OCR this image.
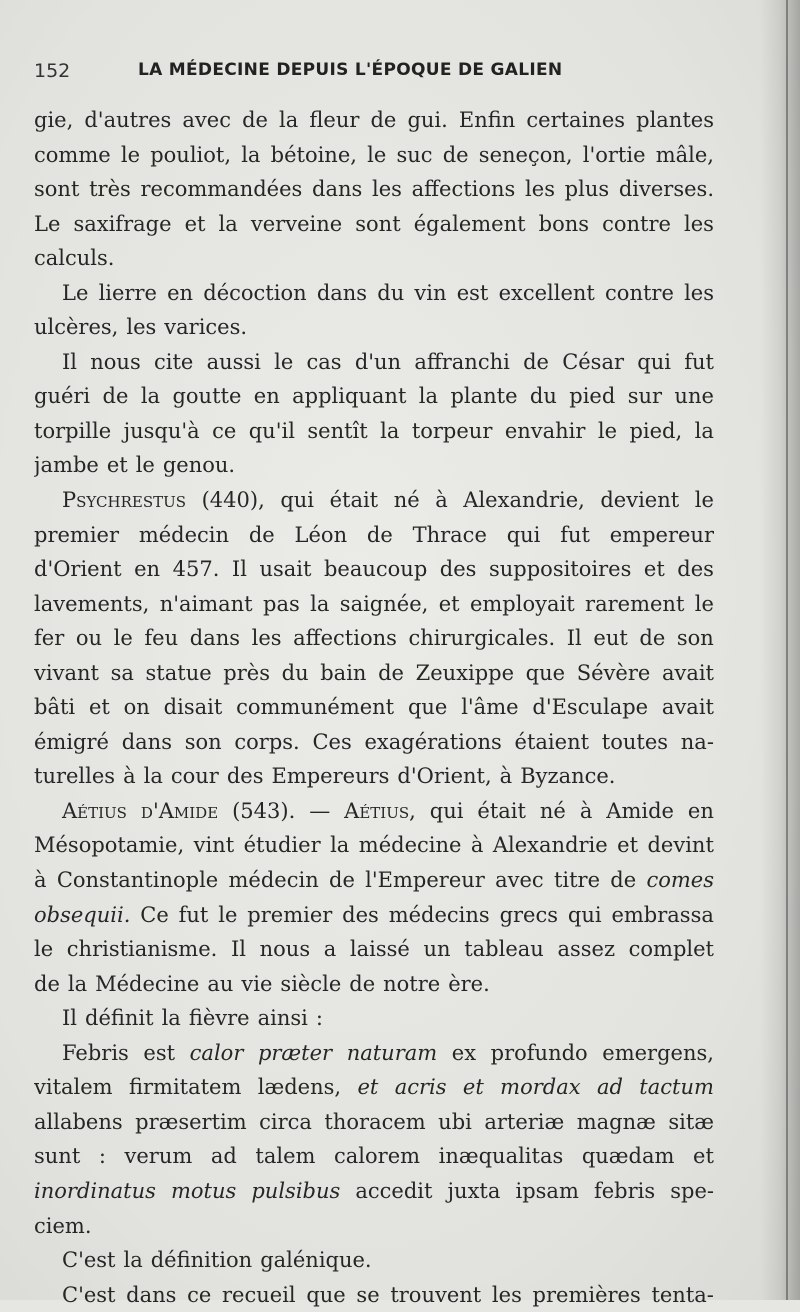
152	LA MÉDECINE DEPUIS L'ÉPOQUE DE GALIEN
gie, d'autres avec de la fleur de gui. Enfin certaines plantes
comme le pouliot, la bétoine, le suc de seneçon, l'ortie mâle,
sont très recommandées dans les affections les plus diverses.
Le saxifrage et la verveine sont également bons contre les
calculs.
Le lierre en décoction dans du vin est excellent contre les
ulcères, les varices.
Il nous cite aussi le cas d'un affranchi de César qui fut
guéri de la goutte en appliquant la plante du pied sur une
torpille jusqu'à ce qu'il sentît la torpeur envahir le pied, la
jambe et le genou.
Psychrestus (440), qui était né à Alexandrie, devient le
premier médecin de Léon de Thrace qui fut empereur
d'Orient en 457. Il usait beaucoup des suppositoires et des
lavements, n'aimant pas la saignée, et employait rarement le
fer ou le feu dans les affections chirurgicales. Il eut de son
vivant sa statue près du bain de Zeuxippe que Sévère avait
bâti et on disait communément que l'âme d'Esculape avait
émigré dans son corps. Ces exagérations étaient toutes na-
turelles à la cour des Empereurs d'Orient, à Byzance.
Aétius d'Amide (543). — Aétius, qui était né à Amide en
Mésopotamie, vint étudier la médecine à Alexandrie et devint
à Constantinople médecin de l'Empereur avec titre de comes
obsequii. Ce fut le premier des médecins grecs qui embrassa
le christianisme. Il nous a laissé un tableau assez complet
de la Médecine au vie siècle de notre ère.
Il définit la fièvre ainsi :
Febris est calor præter naturam ex profundo emergens,
vitalem firmitatem lædens, et acris et mordax ad tactum
allabens præsertim circa thoracem ubi arteriæ magnæ sitæ
sunt : verum ad talem calorem inæqualitas quædam et
inordinatus motus pulsibus accedit juxta ipsam febris spe-
ciem.
C'est la définition galénique.
C'est dans ce recueil que se trouvent les premières tenta-
